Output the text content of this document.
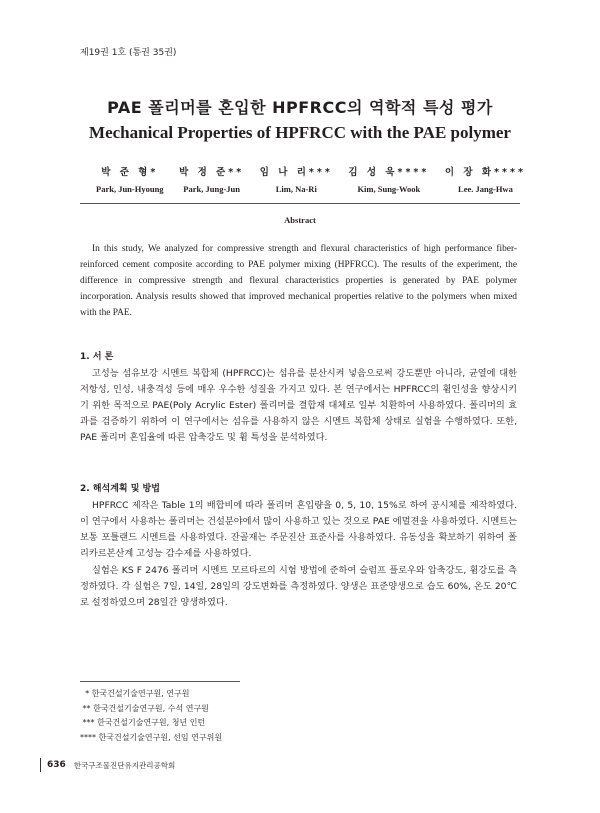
제19권 1호 (통권 35권)
PAE 폴리머를 혼입한 HPFRCC의 역학적 특성 평가
Mechanical Properties of HPFRCC with the PAE polymer
박 준 형*
Park, Jun-Hyoung
박 정 준**
Park, Jung-Jun
임 나 리***
Lim, Na-Ri
김 성 욱****
Kim, Sung-Wook
이 장 화****
Lee. Jang-Hwa
Abstract
In this study, We analyzed for compressive strength and flexural characteristics of high performance fiber-reinforced cement composite according to PAE polymer mixing (HPFRCC). The results of the experiment, the difference in compressive strength and flexural characteristics properties is generated by PAE polymer incorporation. Analysis results showed that improved mechanical properties relative to the polymers when mixed with the PAE.
1. 서 론
고성능 섬유보강 시멘트 복합체 (HPFRCC)는 섬유를 분산시켜 넣음으로써 강도뿐만 아니라, 균열에 대한 저항성, 인성, 내충격성 등에 매우 우수한 성질을 가지고 있다. 본 연구에서는 HPFRCC의 휨인성을 향상시키기 위한 목적으로 PAE(Poly Acrylic Ester) 폴리머를 결합재 대체로 일부 치환하여 사용하였다. 폴리머의 효과를 검증하기 위하여 이 연구에서는 섬유를 사용하지 않은 시멘트 복합체 상태로 실험을 수행하였다. 또한, PAE 폴리머 혼입율에 따른 압축강도 및 휨 특성을 분석하였다.
2. 해석계획 및 방법
HPFRCC 제작은 Table 1의 배합비에 따라 폴리머 혼입량을 0, 5, 10, 15%로 하여 공시체를 제작하였다. 이 연구에서 사용하는 폴리머는 건설분야에서 많이 사용하고 있는 것으로 PAE 에멀젼을 사용하였다. 시멘트는 보통 포틀랜드 시멘트를 사용하였다. 잔골재는 주문진산 표준사를 사용하였다. 유동성을 확보하기 위하여 폴리카르본산계 고성능 감수제를 사용하였다.
실험은 KS F 2476 폴리머 시멘트 모르타르의 시험 방법에 준하여 슬럼프 플로우와 압축강도, 휨강도를 측정하였다. 각 실험은 7일, 14일, 28일의 강도변화를 측정하였다. 양생은 표준양생으로 습도 60%, 온도 20℃로 설정하였으며 28일간 양생하였다.
* 한국건설기술연구원, 연구원
** 한국건설기술연구원, 수석 연구원
*** 한국건설기술연구원, 청년 인턴
**** 한국건설기술연구원, 선임 연구위원
636 한국구조물진단유지관리공학회
